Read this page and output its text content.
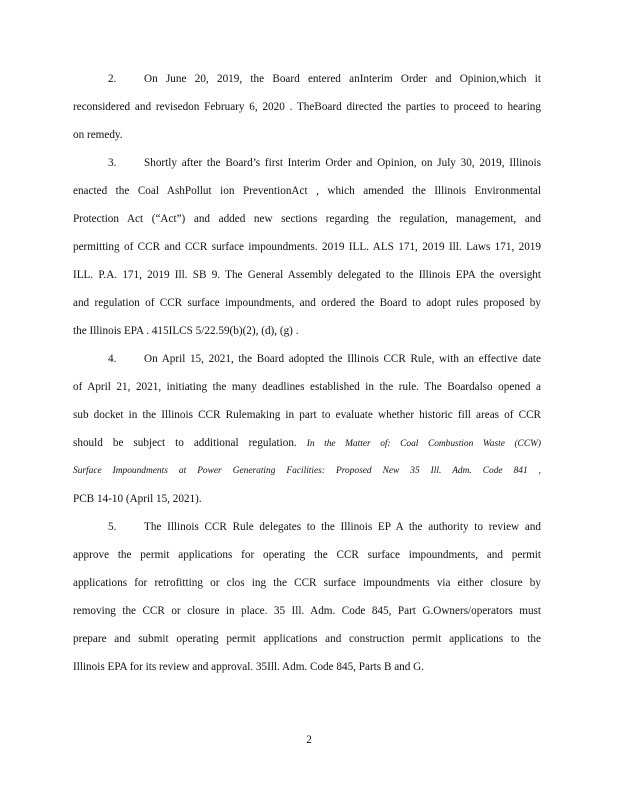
2. On June 20, 2019, the Board entered anInterim Order and Opinion,which it
reconsidered and revisedon February 6, 2020 . TheBoard directed the parties to proceed to hearing
on remedy.
3. Shortly after the Board’s first Interim Order and Opinion, on July 30, 2019, Illinois
enacted the Coal AshPollut ion PreventionAct , which amended the Illinois Environmental
Protection Act (“Act”) and added new sections regarding the regulation, management, and
permitting of CCR and CCR surface impoundments. 2019 ILL. ALS 171, 2019 Ill. Laws 171, 2019
ILL. P.A. 171, 2019 Ill. SB 9. The General Assembly delegated to the Illinois EPA the oversight
and regulation of CCR surface impoundments, and ordered the Board to adopt rules proposed by
the Illinois EPA . 415ILCS 5/22.59(b)(2), (d), (g) .
4. On April 15, 2021, the Board adopted the Illinois CCR Rule, with an effective date
of April 21, 2021, initiating the many deadlines established in the rule. The Boardalso opened a
sub docket in the Illinois CCR Rulemaking in part to evaluate whether historic fill areas of CCR
should be subject to additional regulation. In the Matter of: Coal Combustion Waste (CCW)
Surface Impoundments at Power Generating Facilities: Proposed New 35 Ill. Adm. Code 841 ,
PCB 14-10 (April 15, 2021).
5. The Illinois CCR Rule delegates to the Illinois EP A the authority to review and
approve the permit applications for operating the CCR surface impoundments, and permit
applications for retrofitting or clos ing the CCR surface impoundments via either closure by
removing the CCR or closure in place. 35 Ill. Adm. Code 845, Part G.Owners/operators must
prepare and submit operating permit applications and construction permit applications to the
Illinois EPA for its review and approval. 35Ill. Adm. Code 845, Parts B and G.
2
